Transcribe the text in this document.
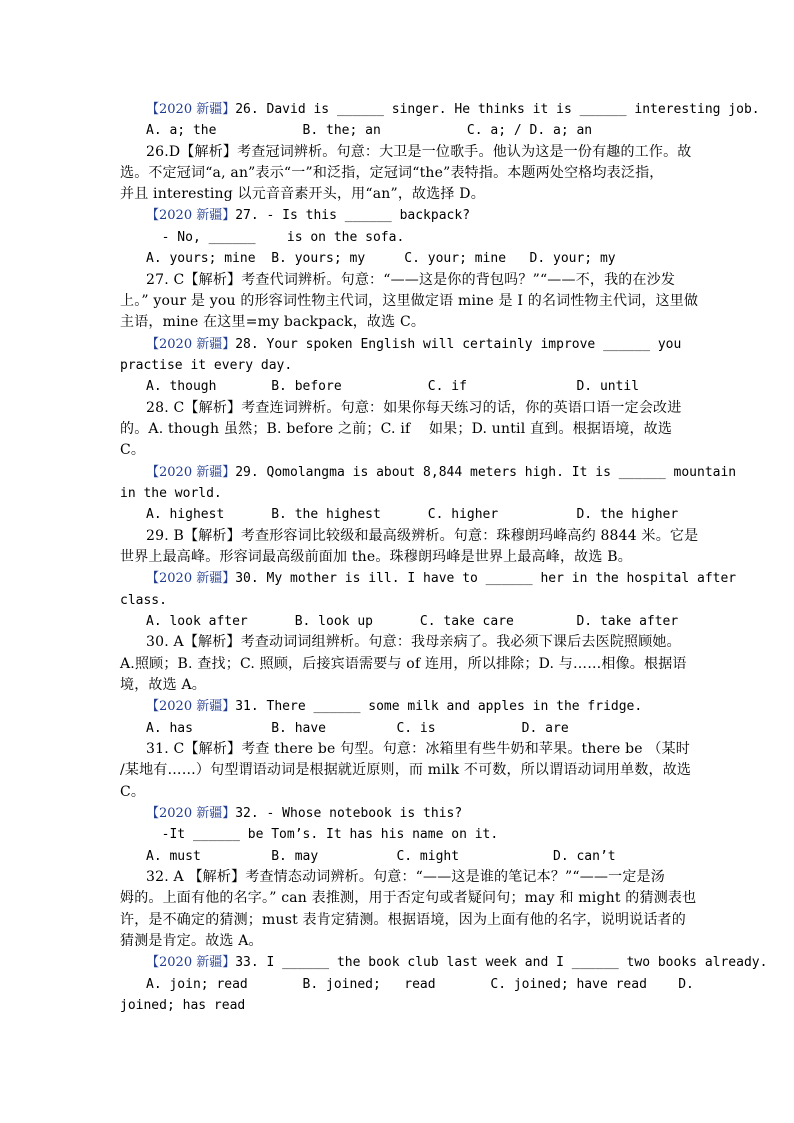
【2020 新疆】26. David is ______ singer. He thinks it is ______ interesting job.
A. a; the           B. the; an           C. a; / D. a; an
26.D【解析】考查冠词辨析。句意：大卫是一位歌手。他认为这是一份有趣的工作。故
选。不定冠词“a, an”表示“一”和泛指，定冠词“the”表特指。本题两处空格均表泛指，
并且 interesting 以元音音素开头，用“an”，故选择 D。
【2020 新疆】27. - Is this ______ backpack?
- No, ______    is on the sofa.
A. yours; mine  B. yours; my     C. your; mine   D. your; my
27. C【解析】考查代词辨析。句意：“——这是你的背包吗？”“——不，我的在沙发
上。” your 是 you 的形容词性物主代词，这里做定语 mine 是 I 的名词性物主代词，这里做
主语，mine 在这里=my backpack，故选 C。
【2020 新疆】28. Your spoken English will certainly improve ______ you
practise it every day.
A. though       B. before           C. if              D. until
28. C【解析】考查连词辨析。句意：如果你每天练习的话，你的英语口语一定会改进
的。A. though 虽然；B. before 之前；C. if    如果；D. until 直到。根据语境，故选
C。
【2020 新疆】29. Qomolangma is about 8,844 meters high. It is ______ mountain
in the world.
A. highest      B. the highest      C. higher          D. the higher
29. B【解析】考查形容词比较级和最高级辨析。句意：珠穆朗玛峰高约 8844 米。它是
世界上最高峰。形容词最高级前面加 the。珠穆朗玛峰是世界上最高峰，故选 B。
【2020 新疆】30. My mother is ill. I have to ______ her in the hospital after
class.
A. look after      B. look up      C. take care        D. take after
30. A【解析】考查动词词组辨析。句意：我母亲病了。我必须下课后去医院照顾她。
A.照顾；B. 查找；C. 照顾，后接宾语需要与 of 连用，所以排除；D. 与……相像。根据语
境，故选 A。
【2020 新疆】31. There ______ some milk and apples in the fridge.
A. has          B. have         C. is           D. are
31. C【解析】考查 there be 句型。句意：冰箱里有些牛奶和苹果。there be （某时
/某地有……）句型谓语动词是根据就近原则，而 milk 不可数，所以谓语动词用单数，故选
C。
【2020 新疆】32. - Whose notebook is this?
-It ______ be Tom’s. It has his name on it.
A. must         B. may          C. might            D. can’t
32. A 【解析】考查情态动词辨析。句意：“——这是谁的笔记本？”“——一定是汤
姆的。上面有他的名字。” can 表推测，用于否定句或者疑问句；may 和 might 的猜测表也
许，是不确定的猜测；must 表肯定猜测。根据语境，因为上面有他的名字，说明说话者的
猜测是肯定。故选 A。
【2020 新疆】33. I ______ the book club last week and I ______ two books already.
A. join; read       B. joined;   read       C. joined; have read    D.
joined; has read
